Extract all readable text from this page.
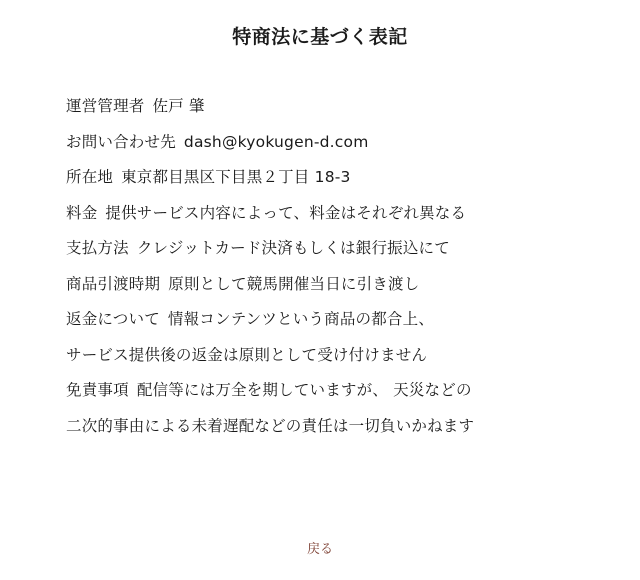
特商法に基づく表記
運営管理者 佐戸 肇
お問い合わせ先 dash@kyokugen-d.com
所在地 東京都目黒区下目黒２丁目 18-3
料金 提供サービス内容によって、料金はそれぞれ異なる
支払方法 クレジットカード決済もしくは銀行振込にて
商品引渡時期 原則として競馬開催当日に引き渡し
返金について 情報コンテンツという商品の都合上、
サービス提供後の返金は原則として受け付けません
免責事項 配信等には万全を期していますが、 天災などの
二次的事由による未着遅配などの責任は一切負いかねます
戻る
